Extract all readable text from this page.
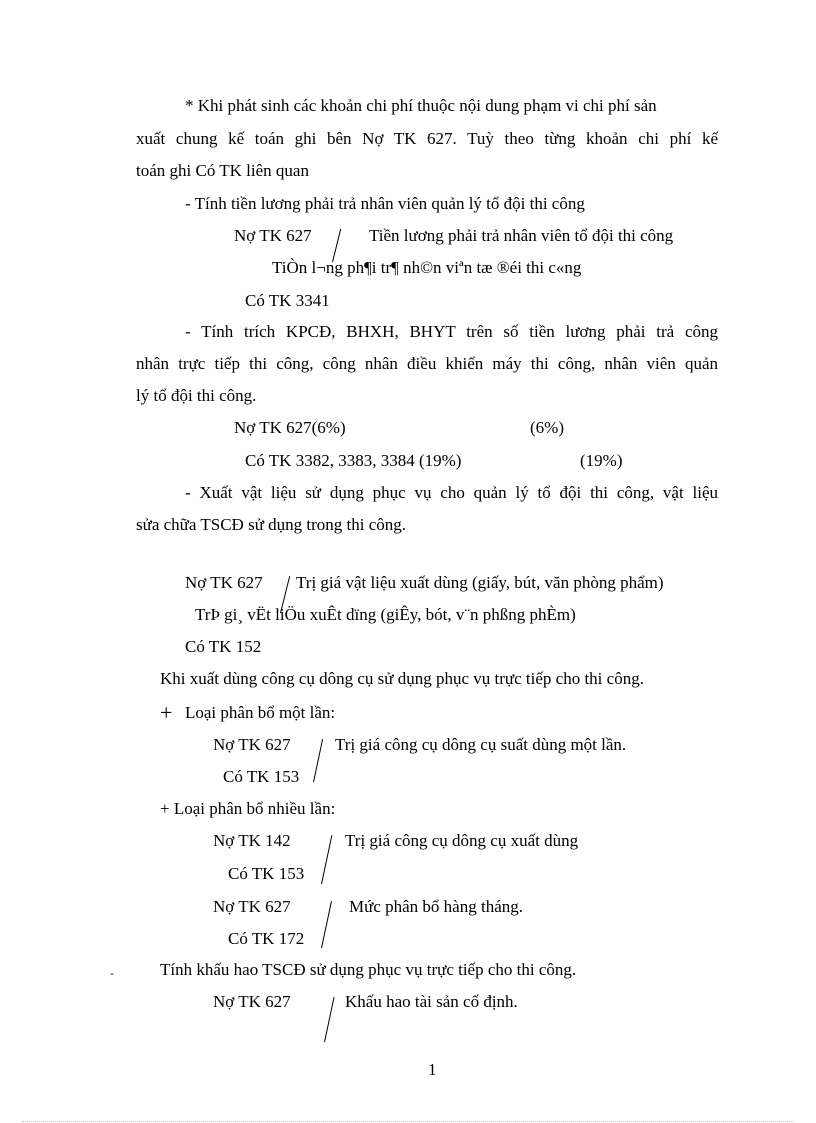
* Khi phát sinh các khoản chi phí thuộc nội dung phạm vi chi phí sản
xuất chung kế toán ghi bên Nợ TK 627. Tuỳ theo từng khoản chi phí kế
toán ghi Có TK liên quan
- Tính tiền lương phải trả nhân viên quản lý tổ đội thi công
Nợ TK 627	Tiền lương phải trả nhân viên tổ đội thi công
TiÒn l¬ng ph¶i tr¶ nh©n viªn tæ ®éi thi c«ng
Có TK 3341
- Tính trích KPCĐ, BHXH, BHYT trên số tiền lương phải trả công
nhân trực tiếp thi công, công nhân điều khiển máy thi công, nhân viên quản
lý tổ đội thi công.
Nợ TK 627(6%)	(6%)
Có TK 3382, 3383, 3384 (19%)	(19%)
- Xuất vật liệu sử dụng phục vụ cho quản lý tổ đội thi công, vật liệu
sửa chữa TSCĐ sử dụng trong thi công.
Nợ TK 627 Trị giá vật liệu xuất dùng (giấy, bút, văn phòng phẩm)
TrÞ gi¸ vËt liÖu xuÊt dïng (giÊy, bót, v¨n phßng phÈm)
Có TK 152
Khi xuất dùng công cụ dông cụ sử dụng phục vụ trực tiếp cho thi công.
+ Loại phân bổ một lần:
Nợ TK 627	Trị giá công cụ dông cụ suất dùng một lần.
Có TK 153
+ Loại phân bổ nhiều lần:
Nợ TK 142	Trị giá công cụ dông cụ xuất dùng
Có TK 153
Nợ TK 627	Mức phân bổ hàng tháng.
Có TK 172
-	Tính khấu hao TSCĐ sử dụng phục vụ trực tiếp cho thi công.
Nợ TK 627	Khấu hao tài sản cố định.
1
